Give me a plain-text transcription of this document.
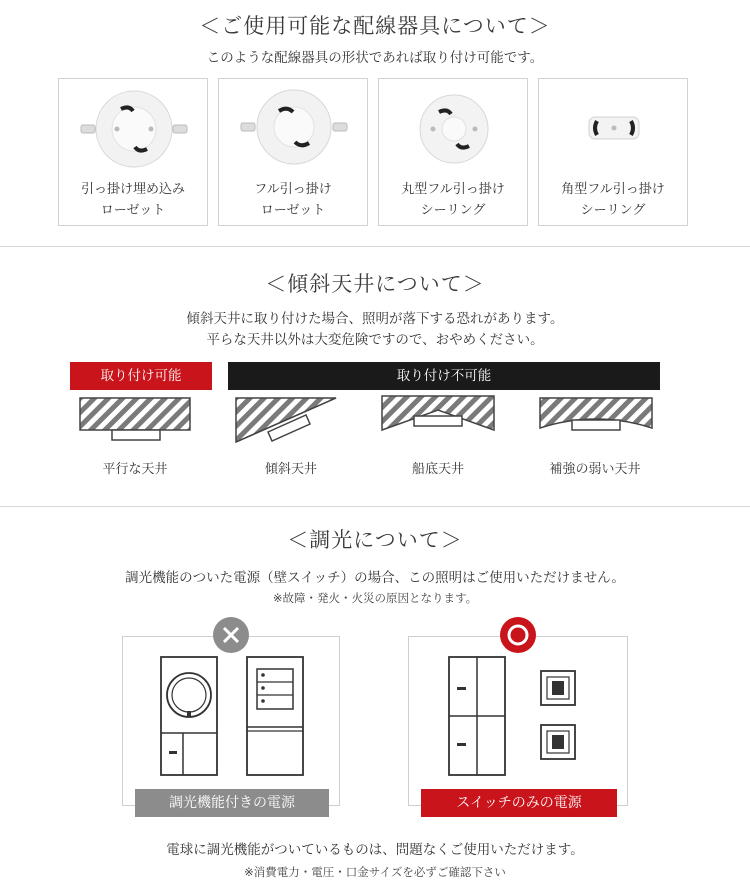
＜ご使用可能な配線器具について＞
このような配線器具の形状であれば取り付け可能です。
引っ掛け埋め込み
ローゼット
フル引っ掛け
ローゼット
丸型フル引っ掛け
シーリング
角型フル引っ掛け
シーリング
＜傾斜天井について＞
傾斜天井に取り付けた場合、照明が落下する恐れがあります。
平らな天井以外は大変危険ですので、おやめください。
取り付け可能	取り付け不可能
平行な天井	傾斜天井	船底天井	補強の弱い天井
＜調光について＞
調光機能のついた電源（壁スイッチ）の場合、この照明はご使用いただけません。
※故障・発火・火災の原因となります。
調光機能付きの電源	スイッチのみの電源
電球に調光機能がついているものは、問題なくご使用いただけます。
※消費電力・電圧・口金サイズを必ずご確認下さい
